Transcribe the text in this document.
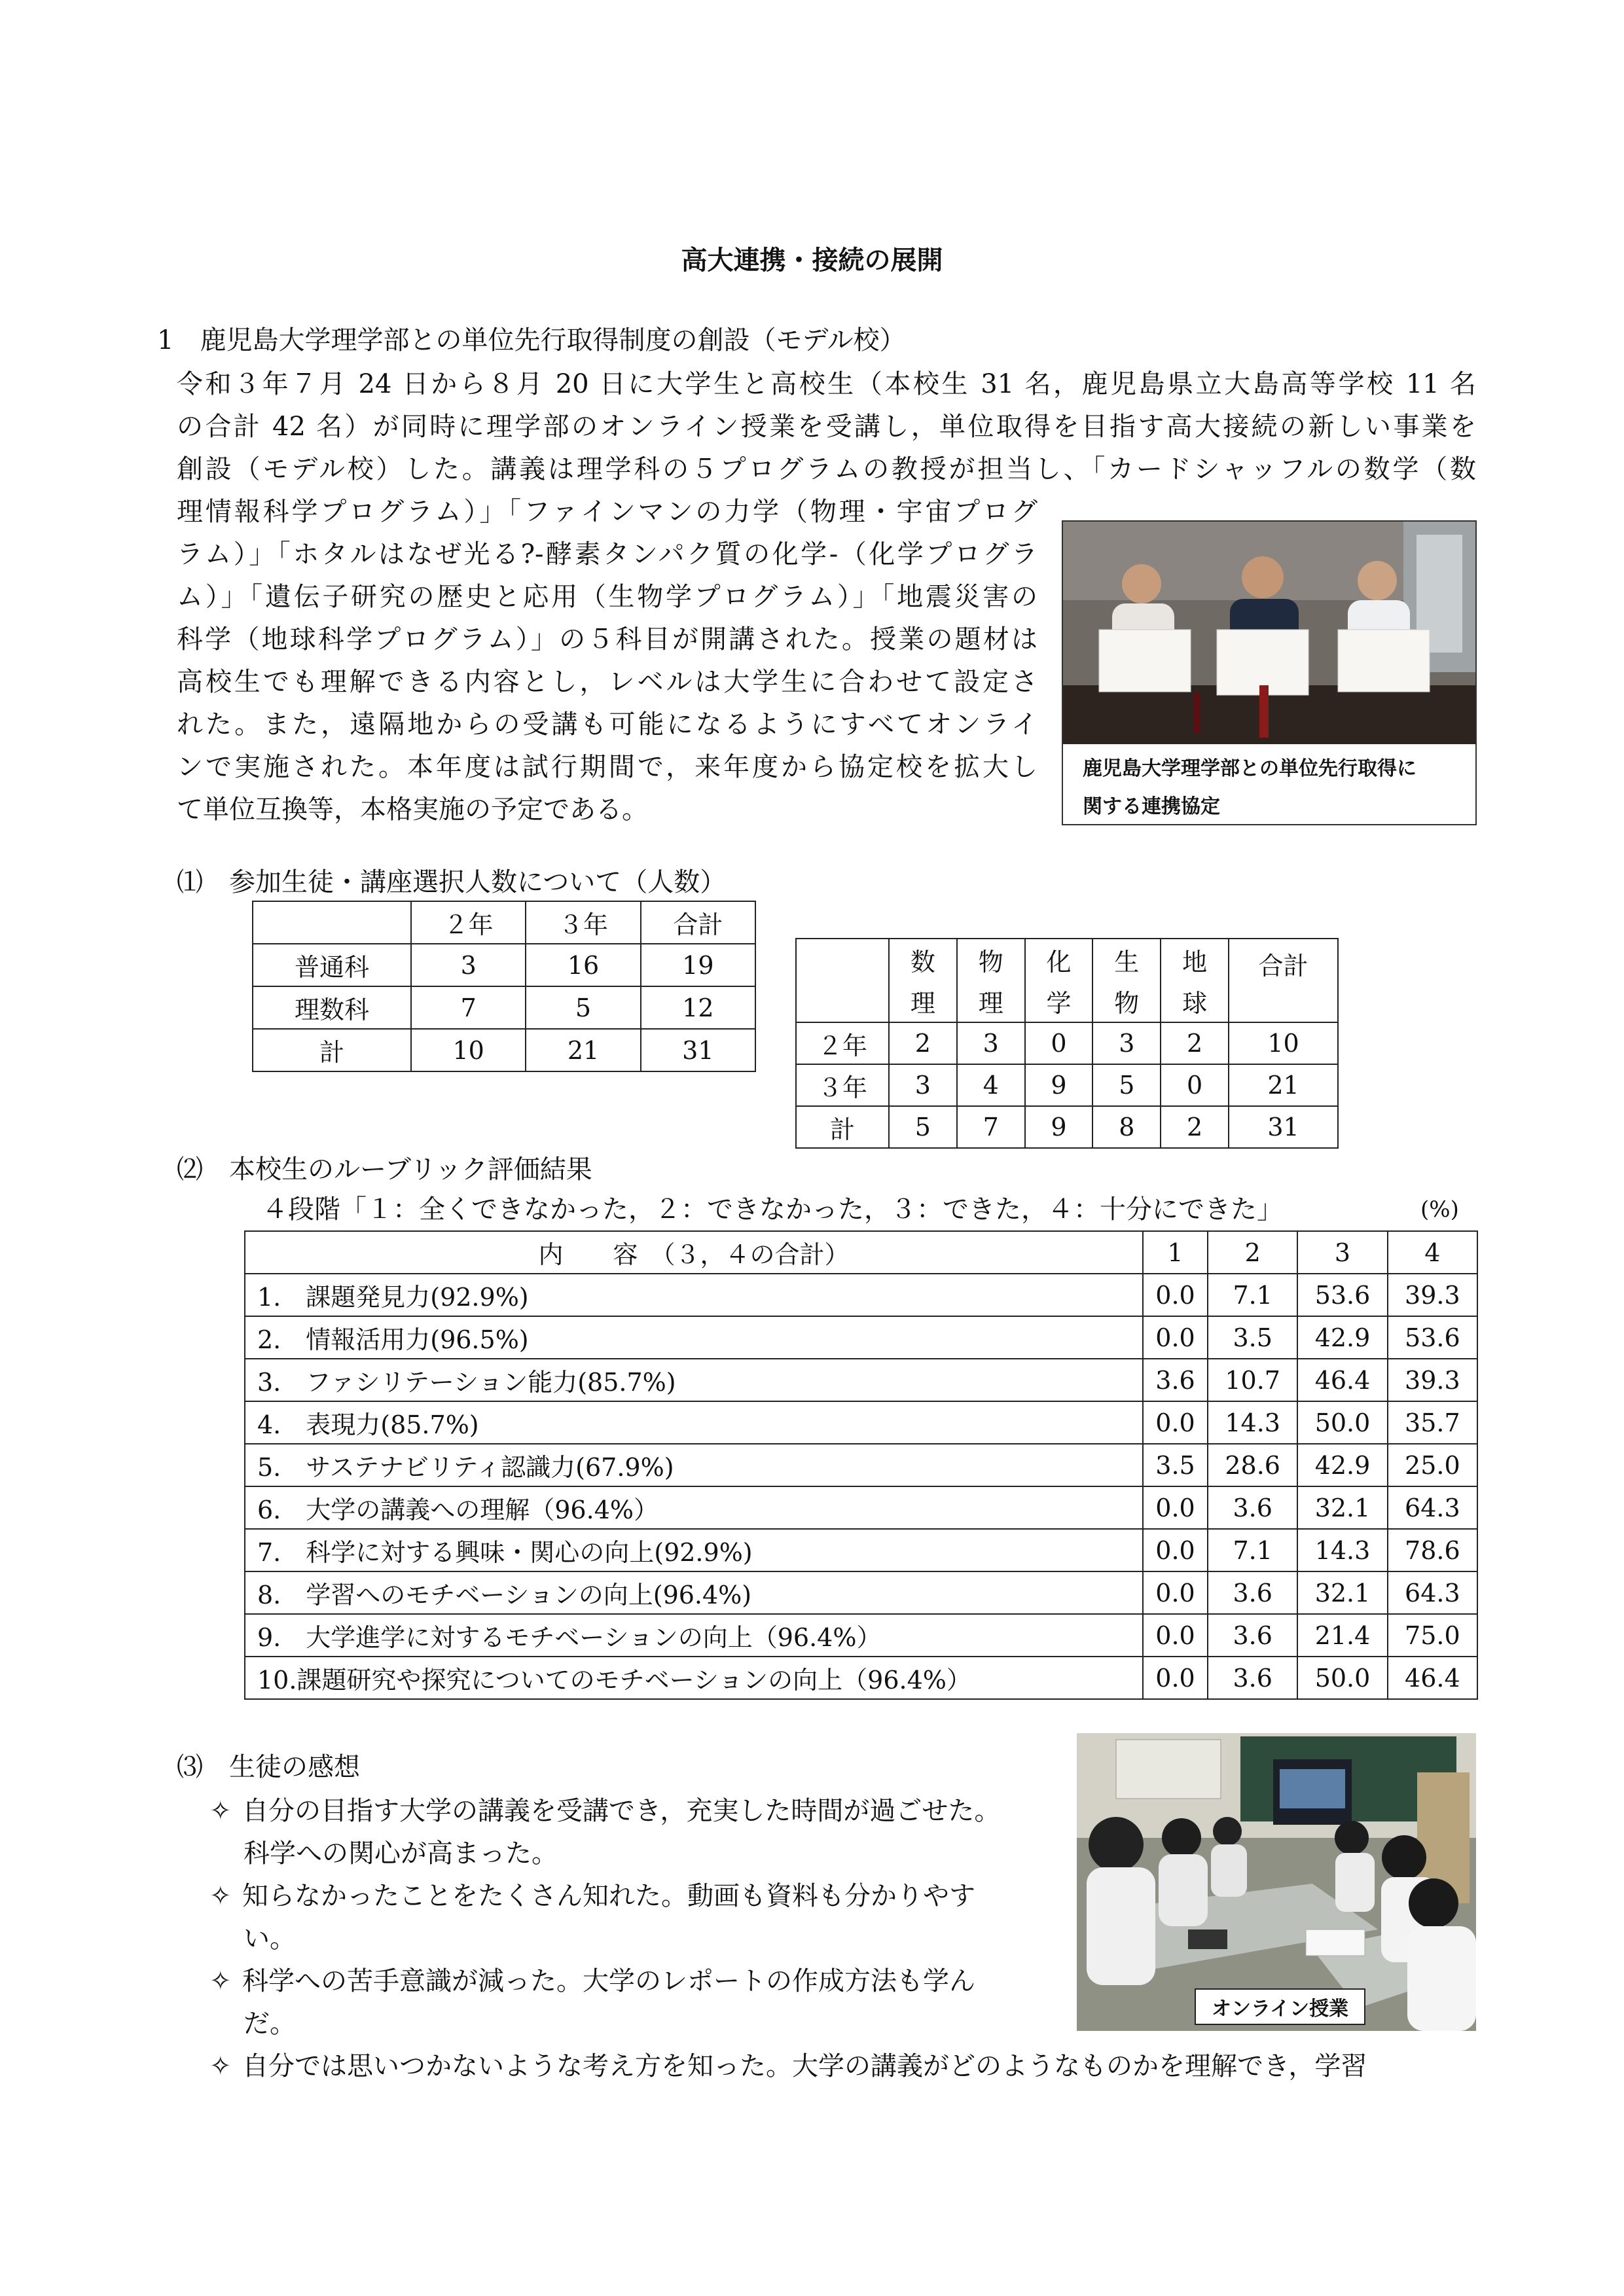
高大連携・接続の展開
1　鹿児島大学理学部との単位先行取得制度の創設（モデル校）
令和３年７月 24 日から８月 20 日に大学生と高校生（本校生 31 名，鹿児島県立大島高等学校 11 名
の合計 42 名）が同時に理学部のオンライン授業を受講し，単位取得を目指す高大接続の新しい事業を
創設（モデル校）した。講義は理学科の５プログラムの教授が担当し、「カードシャッフルの数学（数
理情報科学プログラム）」「ファインマンの力学（物理・宇宙プログ
ラム）」「ホタルはなぜ光る?-酵素タンパク質の化学-（化学プログラ
ム）」「遺伝子研究の歴史と応用（生物学プログラム）」「地震災害の
科学（地球科学プログラム）」の５科目が開講された。授業の題材は
高校生でも理解できる内容とし，レベルは大学生に合わせて設定さ
れた。また，遠隔地からの受講も可能になるようにすべてオンライ
ンで実施された。本年度は試行期間で，来年度から協定校を拡大し
て単位互換等，本格実施の予定である。
鹿児島大学理学部との単位先行取得に
関する連携協定
⑴　参加生徒・講座選択人数について（人数）
	２年	３年	合計
普通科	3	16	19
理数科	7	5	12
計	10	21	31
	数	物	化	生	地	合計
	理	理	学	物	球	
２年	2	3	0	3	2	10
３年	3	4	9	5	0	21
計	5	7	9	8	2	31
⑵　本校生のルーブリック評価結果
４段階「１：全くできなかった，２：できなかった，３：できた，４：十分にできた」	(%)
内　　容　（３，４の合計）	1	2	3	4
1.　課題発見力(92.9%)	0.0	7.1	53.6	39.3
2.　情報活用力(96.5%)	0.0	3.5	42.9	53.6
3.　ファシリテーション能力(85.7%)	3.6	10.7	46.4	39.3
4.　表現力(85.7%)	0.0	14.3	50.0	35.7
5.　サステナビリティ認識力(67.9%)	3.5	28.6	42.9	25.0
6.　大学の講義への理解（96.4%）	0.0	3.6	32.1	64.3
7.　科学に対する興味・関心の向上(92.9%)	0.0	7.1	14.3	78.6
8.　学習へのモチベーションの向上(96.4%)	0.0	3.6	32.1	64.3
9.　大学進学に対するモチベーションの向上（96.4%）	0.0	3.6	21.4	75.0
10.課題研究や探究についてのモチベーションの向上（96.4%）	0.0	3.6	50.0	46.4
⑶　生徒の感想
✧ 自分の目指す大学の講義を受講でき，充実した時間が過ごせた。
科学への関心が高まった。
✧ 知らなかったことをたくさん知れた。動画も資料も分かりやす
い。
✧ 科学への苦手意識が減った。大学のレポートの作成方法も学ん
だ。
✧ 自分では思いつかないような考え方を知った。大学の講義がどのようなものかを理解でき，学習
オンライン授業
